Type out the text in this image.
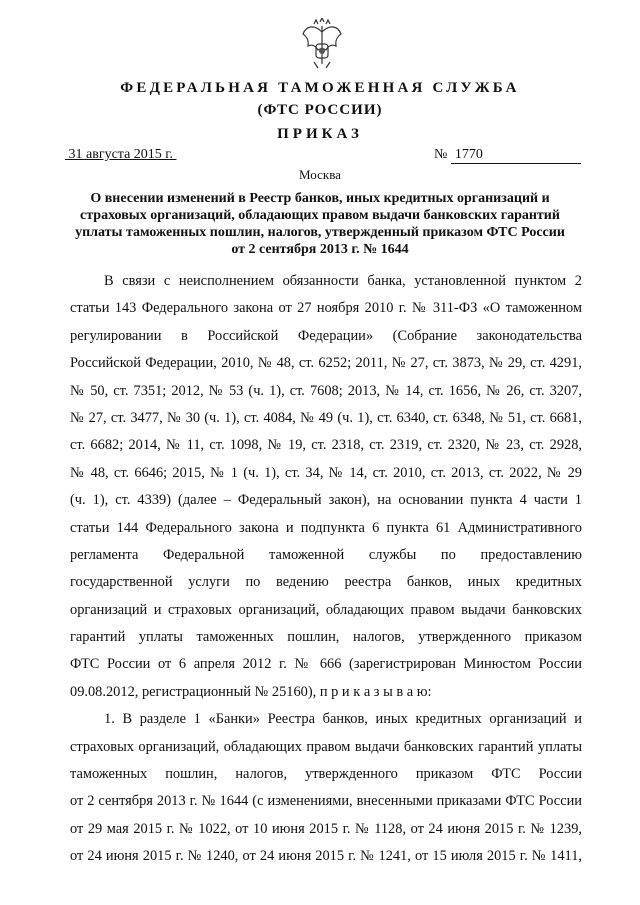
ФЕДЕРАЛЬНАЯ ТАМОЖЕННАЯ СЛУЖБА
(ФТС РОССИИ)
ПРИКАЗ
31 августа 2015 г.	№ 1770
Москва
О внесении изменений в Реестр банков, иных кредитных организаций и
страховых организаций, обладающих правом выдачи банковских гарантий
уплаты таможенных пошлин, налогов, утвержденный приказом ФТС России
от 2 сентября 2013 г. № 1644
В связи с неисполнением обязанности банка, установленной пунктом 2
статьи 143 Федерального закона от 27 ноября 2010 г. № 311-ФЗ «О таможенном
регулировании в Российской Федерации» (Собрание законодательства
Российской Федерации, 2010, № 48, ст. 6252; 2011, № 27, ст. 3873, № 29, ст. 4291,
№ 50, ст. 7351; 2012, № 53 (ч. 1), ст. 7608; 2013, № 14, ст. 1656, № 26, ст. 3207,
№ 27, ст. 3477, № 30 (ч. 1), ст. 4084, № 49 (ч. 1), ст. 6340, ст. 6348, № 51, ст. 6681,
ст. 6682; 2014, № 11, ст. 1098, № 19, ст. 2318, ст. 2319, ст. 2320, № 23, ст. 2928,
№ 48, ст. 6646; 2015, № 1 (ч. 1), ст. 34, № 14, ст. 2010, ст. 2013, ст. 2022, № 29
(ч. 1), ст. 4339) (далее – Федеральный закон), на основании пункта 4 части 1
статьи 144 Федерального закона и подпункта 6 пункта 61 Административного
регламента Федеральной таможенной службы по предоставлению
государственной услуги по ведению реестра банков, иных кредитных
организаций и страховых организаций, обладающих правом выдачи банковских
гарантий уплаты таможенных пошлин, налогов, утвержденного приказом
ФТС России от 6 апреля 2012 г. № 666 (зарегистрирован Минюстом России
09.08.2012, регистрационный № 25160), п р и к а з ы в а ю:
1. В разделе 1 «Банки» Реестра банков, иных кредитных организаций и
страховых организаций, обладающих правом выдачи банковских гарантий уплаты
таможенных пошлин, налогов, утвержденного приказом ФТС России
от 2 сентября 2013 г. № 1644 (с изменениями, внесенными приказами ФТС России
от 29 мая 2015 г. № 1022, от 10 июня 2015 г. № 1128, от 24 июня 2015 г. № 1239,
от 24 июня 2015 г. № 1240, от 24 июня 2015 г. № 1241, от 15 июля 2015 г. № 1411,
